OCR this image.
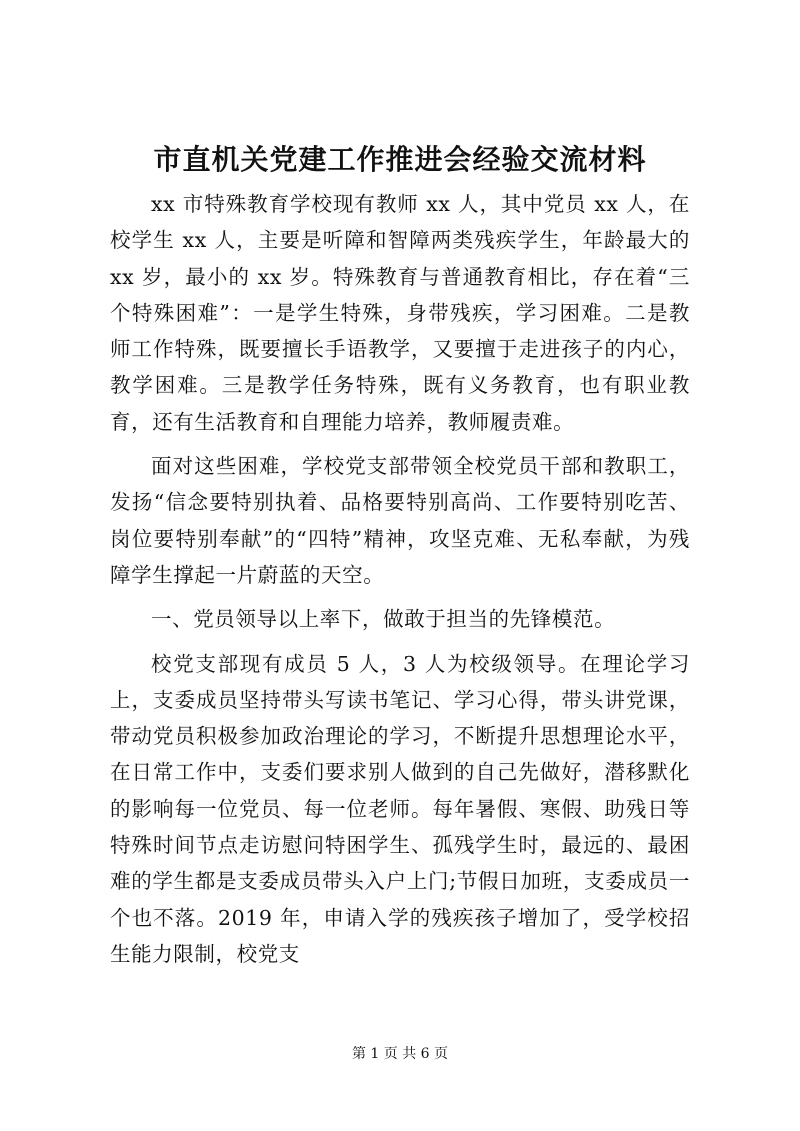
市直机关党建工作推进会经验交流材料

xx 市特殊教育学校现有教师 xx 人，其中党员 xx 人，在校学生 xx 人，主要是听障和智障两类残疾学生，年龄最大的 xx 岁，最小的 xx 岁。特殊教育与普通教育相比，存在着“三个特殊困难”：一是学生特殊，身带残疾，学习困难。二是教师工作特殊，既要擅长手语教学，又要擅于走进孩子的内心，教学困难。三是教学任务特殊，既有义务教育，也有职业教育，还有生活教育和自理能力培养，教师履责难。

面对这些困难，学校党支部带领全校党员干部和教职工，发扬“信念要特别执着、品格要特别高尚、工作要特别吃苦、岗位要特别奉献”的“四特”精神，攻坚克难、无私奉献，为残障学生撑起一片蔚蓝的天空。

一、党员领导以上率下，做敢于担当的先锋模范。

校党支部现有成员 5 人，3 人为校级领导。在理论学习上，支委成员坚持带头写读书笔记、学习心得，带头讲党课，带动党员积极参加政治理论的学习，不断提升思想理论水平，在日常工作中，支委们要求别人做到的自己先做好，潜移默化的影响每一位党员、每一位老师。每年暑假、寒假、助残日等特殊时间节点走访慰问特困学生、孤残学生时，最远的、最困难的学生都是支委成员带头入户上门;节假日加班，支委成员一个也不落。2019 年，申请入学的残疾孩子增加了，受学校招生能力限制，校党支

第 1 页 共 6 页
